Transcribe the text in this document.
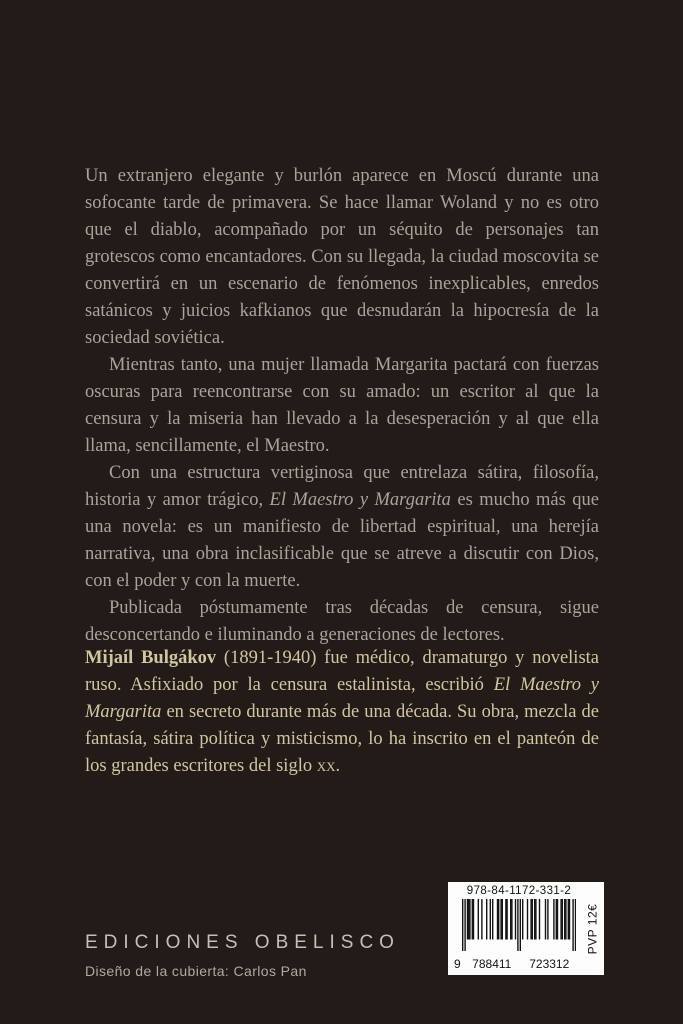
Un extranjero elegante y burlón aparece en Moscú durante una sofocante tarde de primavera. Se hace llamar Woland y no es otro que el diablo, acompañado por un séquito de personajes tan grotescos como encantadores. Con su llegada, la ciudad moscovita se convertirá en un escenario de fenómenos inexplicables, enredos satánicos y juicios kafkianos que desnudarán la hipocresía de la sociedad soviética.

Mientras tanto, una mujer llamada Margarita pactará con fuerzas oscuras para reencontrarse con su amado: un escritor al que la censura y la miseria han llevado a la desesperación y al que ella llama, sencillamente, el Maestro.

Con una estructura vertiginosa que entrelaza sátira, filosofía, historia y amor trágico, El Maestro y Margarita es mucho más que una novela: es un manifiesto de libertad espiritual, una herejía narrativa, una obra inclasificable que se atreve a discutir con Dios, con el poder y con la muerte.

Publicada póstumamente tras décadas de censura, sigue desconcertando e iluminando a generaciones de lectores.

Mijaíl Bulgákov (1891-1940) fue médico, dramaturgo y novelista ruso. Asfixiado por la censura estalinista, escribió El Maestro y Margarita en secreto durante más de una década. Su obra, mezcla de fantasía, sátira política y misticismo, lo ha inscrito en el panteón de los grandes escritores del siglo xx.

EDICIONES OBELISCO
Diseño de la cubierta: Carlos Pan
978-84-1172-331-2
9 788411	723312
PVP 12€
